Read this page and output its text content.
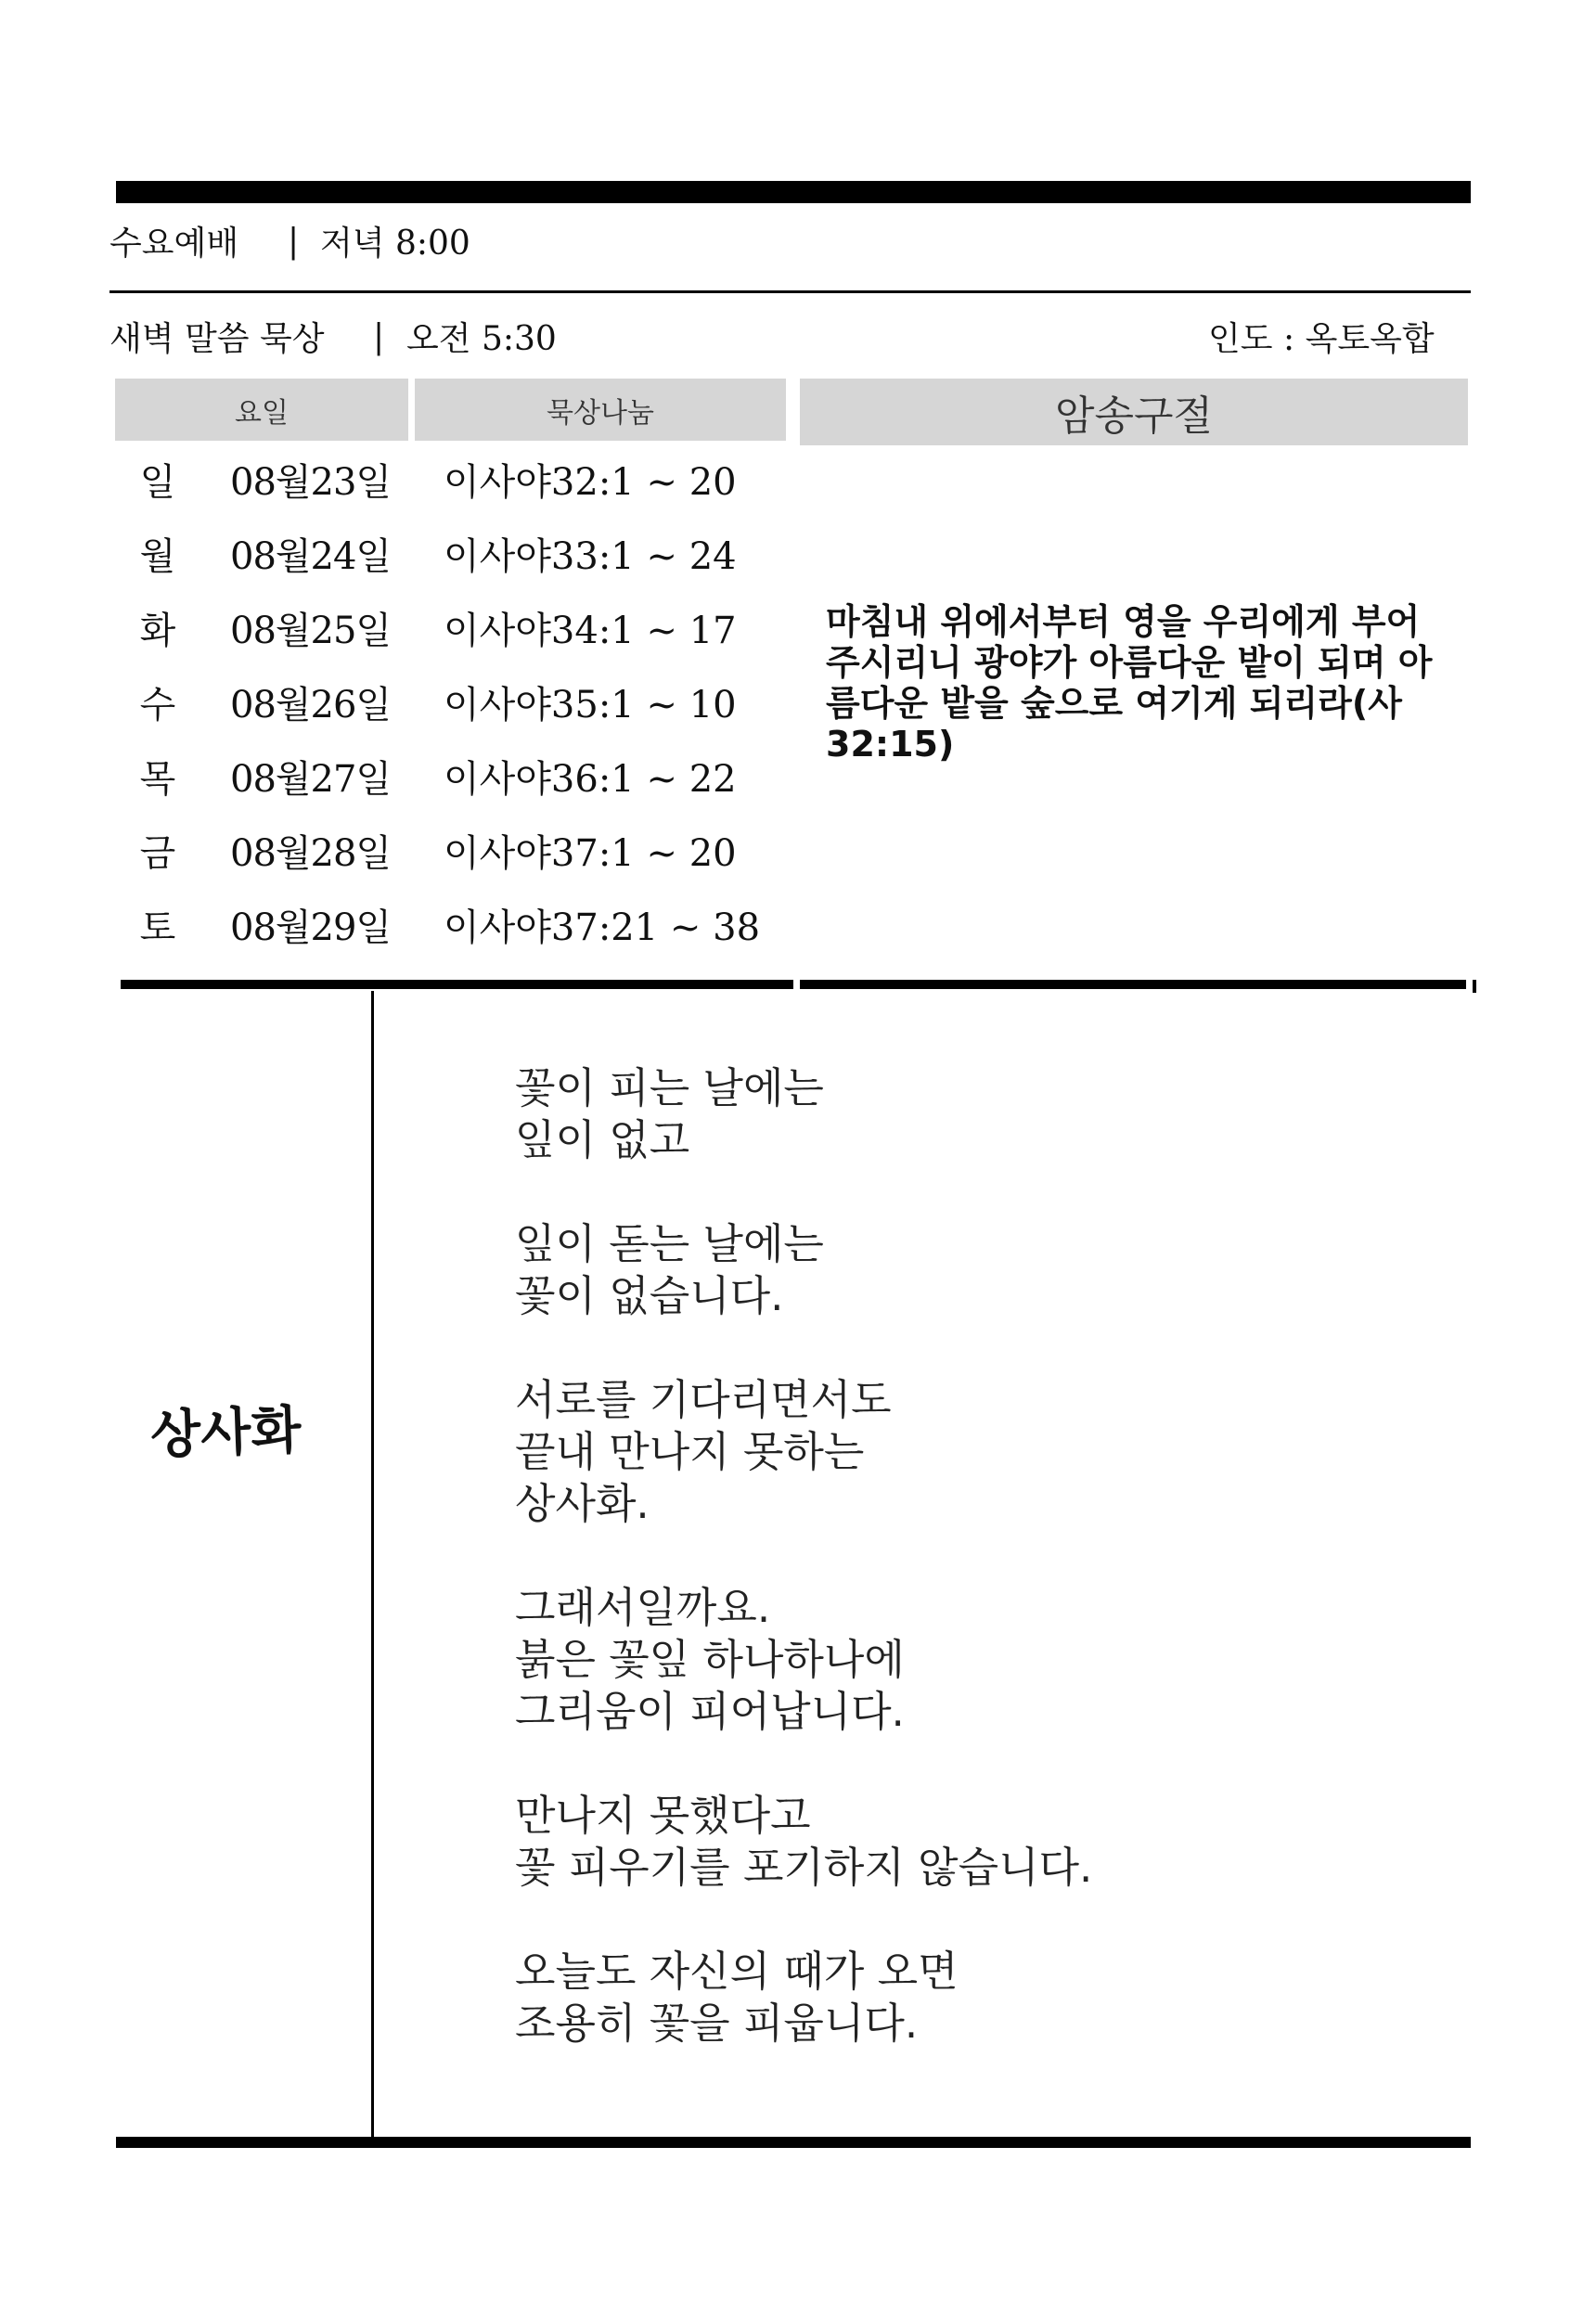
수요예배 | 저녁 8:00
새벽 말씀 묵상 | 오전 5:30	인도 : 옥토옥합
요일	묵상나눔	암송구절
일 08월23일 이사야32:1 ~ 20
월 08월24일 이사야33:1 ~ 24
화 08월25일 이사야34:1 ~ 17
수 08월26일 이사야35:1 ~ 10
목 08월27일 이사야36:1 ~ 22
금 08월28일 이사야37:1 ~ 20
토 08월29일 이사야37:21 ~ 38
마침내 위에서부터 영을 우리에게 부어 주시리니 광야가 아름다운 밭이 되며 아름다운 밭을 숲으로 여기게 되리라(사 32:15)
상사화
꽃이 피는 날에는
잎이 없고
잎이 돋는 날에는
꽃이 없습니다.
서로를 기다리면서도
끝내 만나지 못하는
상사화.
그래서일까요.
붉은 꽃잎 하나하나에
그리움이 피어납니다.
만나지 못했다고
꽃 피우기를 포기하지 않습니다.
오늘도 자신의 때가 오면
조용히 꽃을 피웁니다.
